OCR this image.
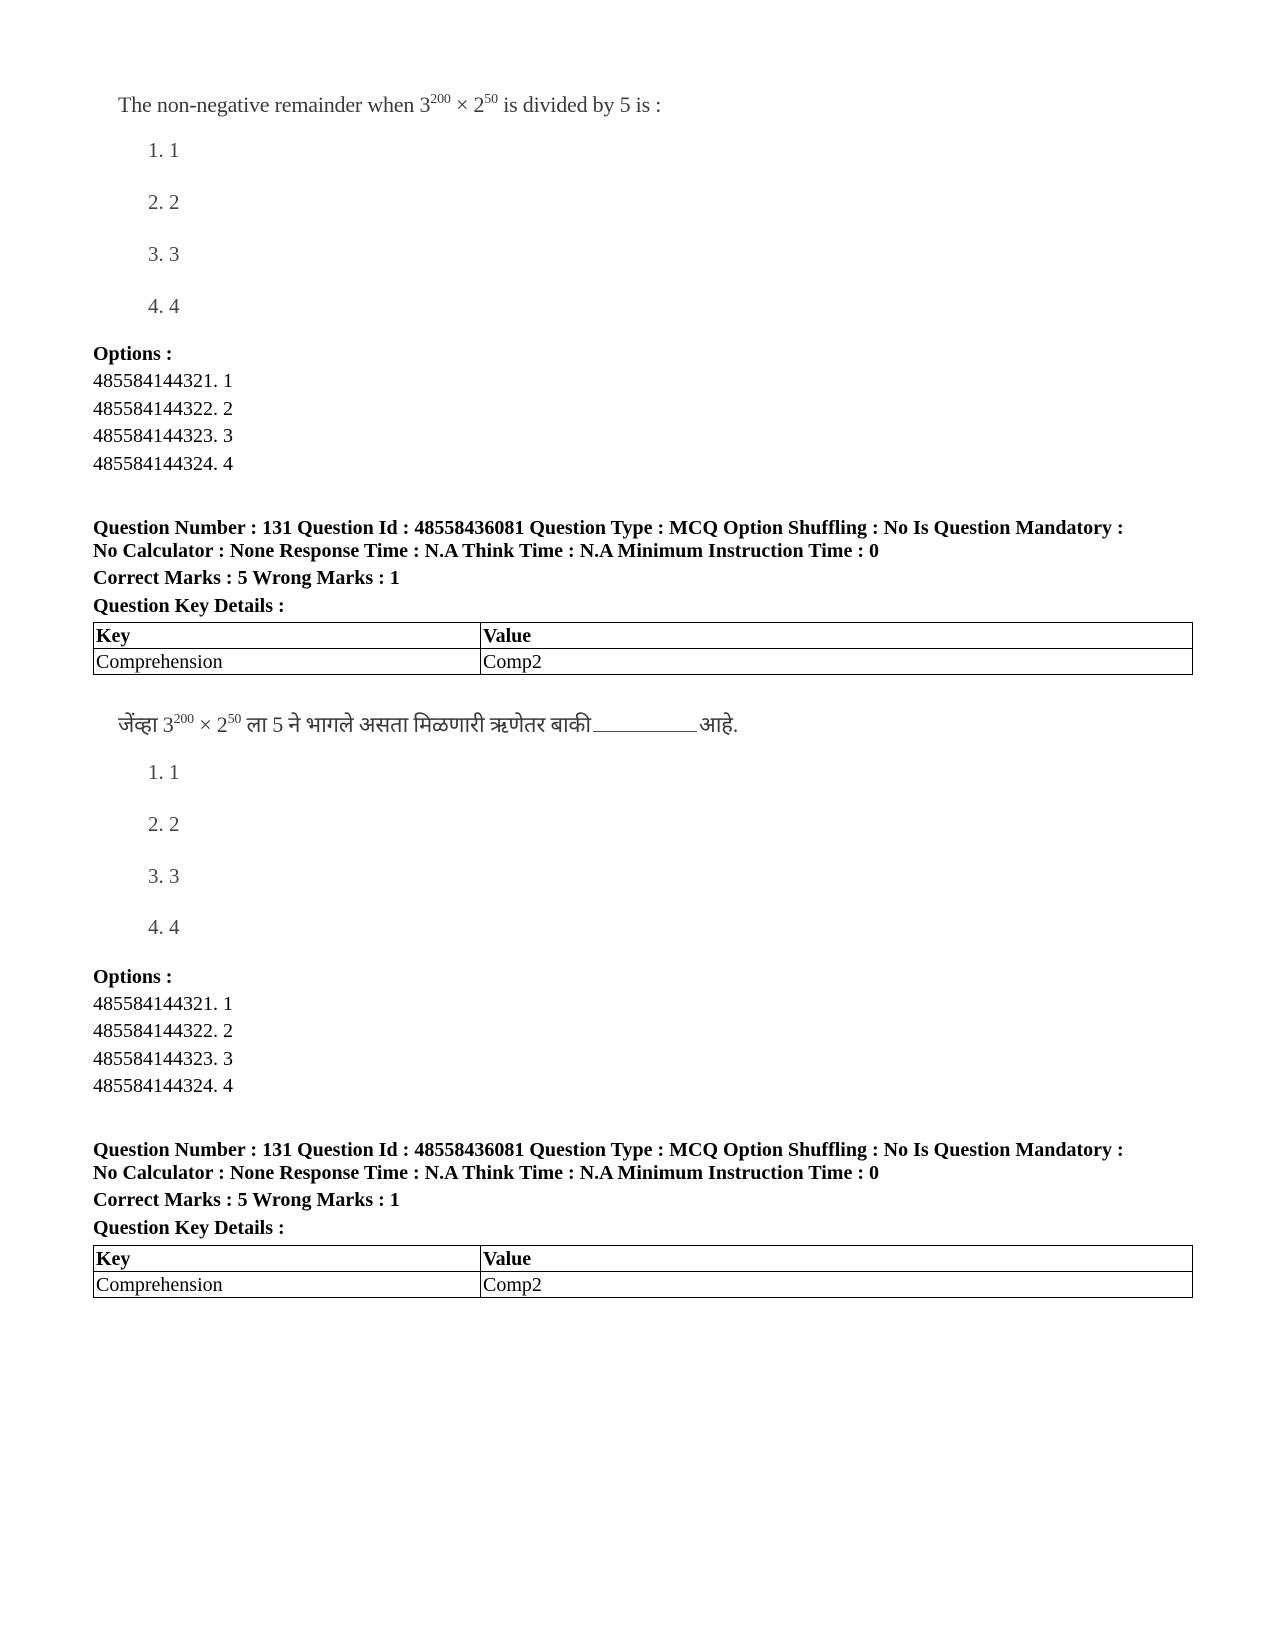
The non-negative remainder when $3^{200} \times 2^{50}$ is divided by 5 is :
1. 1
2. 2
3. 3
4. 4
Options :
485584144321. 1
485584144322. 2
485584144323. 3
485584144324. 4
Question Number : 131 Question Id : 48558436081 Question Type : MCQ Option Shuffling : No Is Question Mandatory :
No Calculator : None Response Time : N.A Think Time : N.A Minimum Instruction Time : 0
Correct Marks : 5 Wrong Marks : 1
Question Key Details :
Key	Value
Comprehension	Comp2
जेंव्हा $3^{200} \times 2^{50}$ ला 5 ने भागले असता मिळणारी ऋणेतर बाकी	आहे.
1. 1
2. 2
3. 3
4. 4
Options :
485584144321. 1
485584144322. 2
485584144323. 3
485584144324. 4
Question Number : 131 Question Id : 48558436081 Question Type : MCQ Option Shuffling : No Is Question Mandatory :
No Calculator : None Response Time : N.A Think Time : N.A Minimum Instruction Time : 0
Correct Marks : 5 Wrong Marks : 1
Question Key Details :
Key	Value
Comprehension	Comp2
